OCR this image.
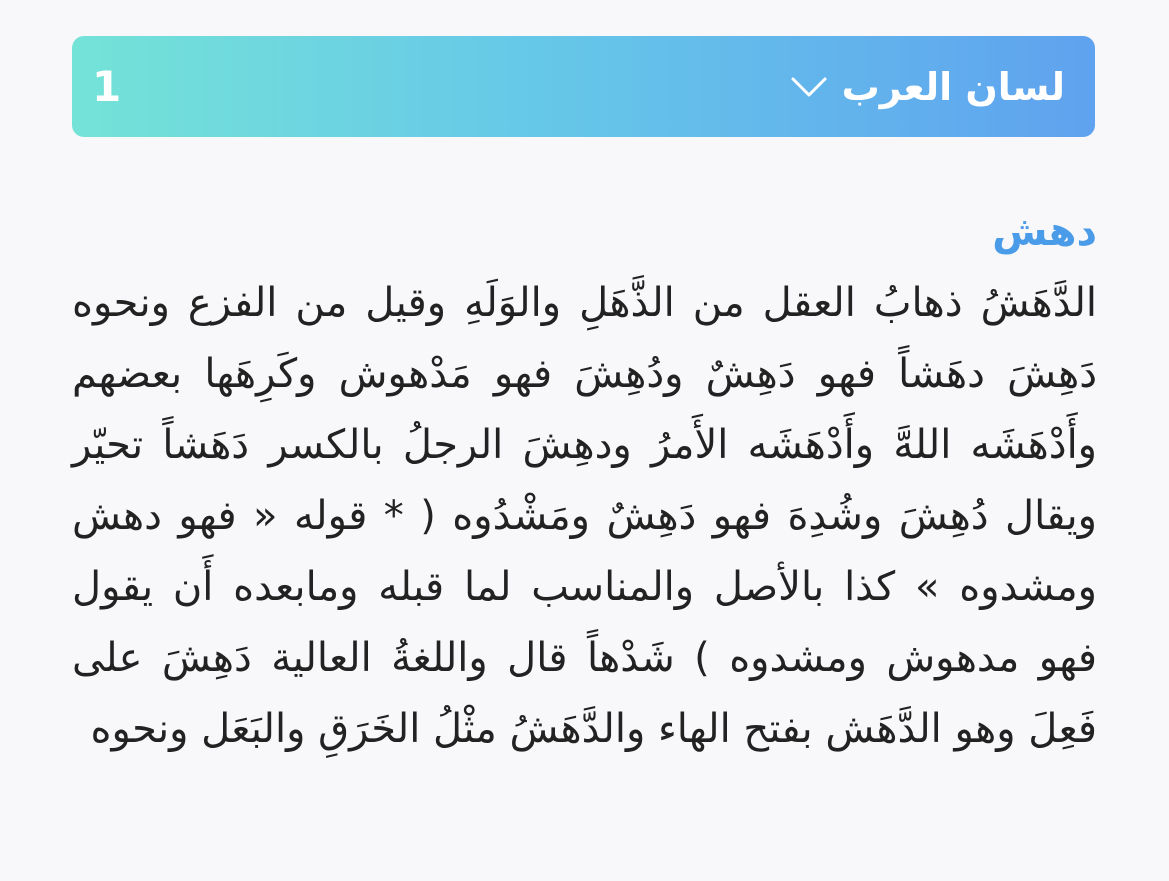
1	لسان العرب

دهش

الدَّهَشُ ذهابُ العقل من الذَّهَلِ والوَلَهِ وقيل من الفزع ونحوه دَهِشَ دهَشاً فهو دَهِشٌ ودُهِشَ فهو مَدْهوش وكَرِهَها بعضهم وأَدْهَشَه اللهَّ وأَدْهَشَه الأَمرُ ودهِشَ الرجلُ بالكسر دَهَشاً تحيّر ويقال دُهِشَ وشُدِهَ فهو دَهِشٌ ومَشْدُوه ( * قوله « فهو دهش ومشدوه » كذا بالأصل والمناسب لما قبله ومابعده أَن يقول فهو مدهوش ومشدوه ) شَدْهاً قال واللغةُ العالية دَهِشَ على فَعِلَ وهو الدَّهَش بفتح الهاء والدَّهَشُ مثْلُ الخَرَقِ والبَعَل ونحوه
